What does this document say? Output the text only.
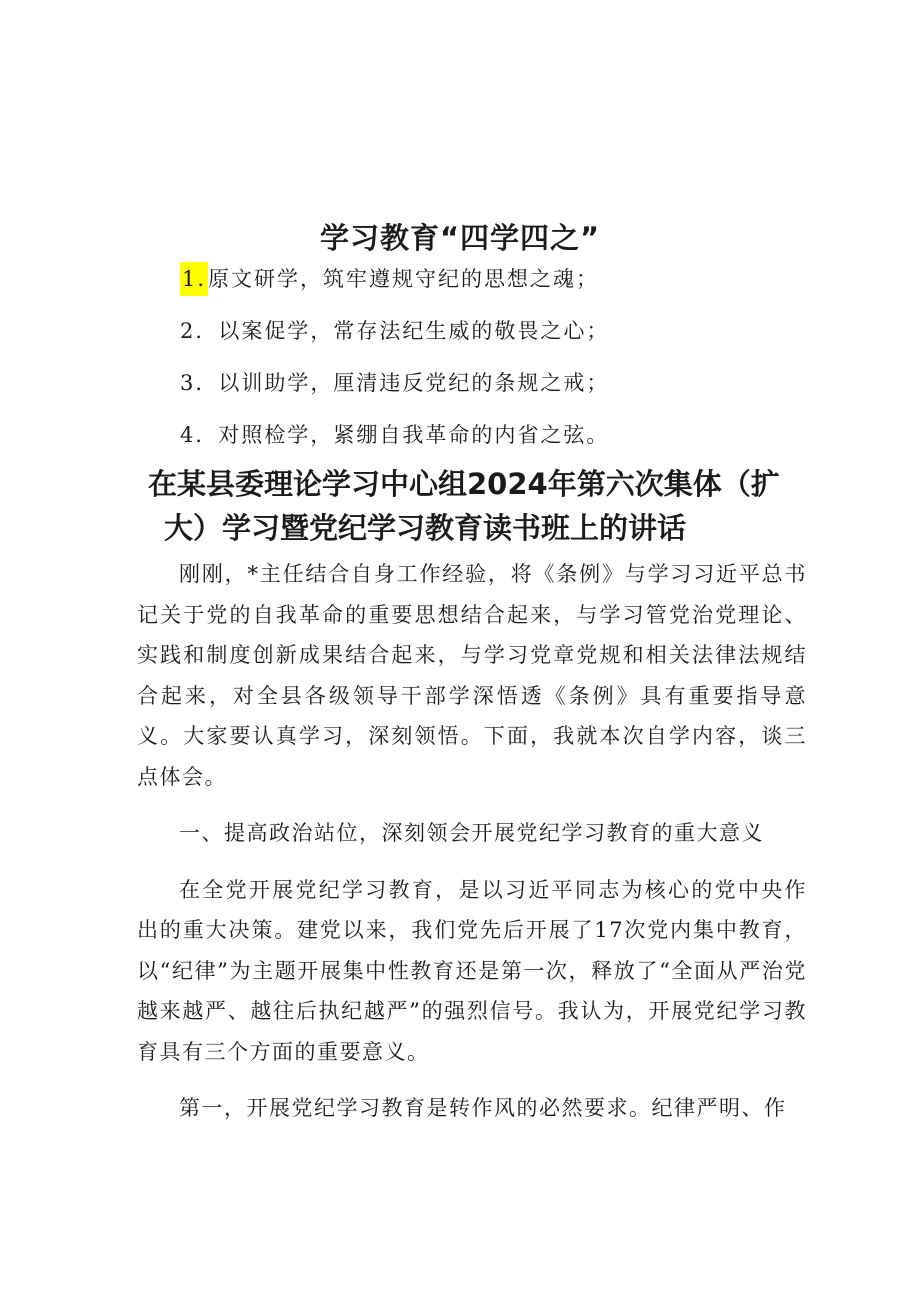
学习教育“四学四之”
1.原文研学，筑牢遵规守纪的思想之魂；
2．以案促学，常存法纪生威的敬畏之心；
3．以训助学，厘清违反党纪的条规之戒；
4．对照检学，紧绷自我革命的内省之弦。
在某县委理论学习中心组2024年第六次集体（扩
大）学习暨党纪学习教育读书班上的讲话

刚刚，*主任结合自身工作经验，将《条例》与学习习近平总书记关于党的自我革命的重要思想结合起来，与学习管党治党理论、实践和制度创新成果结合起来，与学习党章党规和相关法律法规结合起来，对全县各级领导干部学深悟透《条例》具有重要指导意义。大家要认真学习，深刻领悟。下面，我就本次自学内容，谈三点体会。

一、提高政治站位，深刻领会开展党纪学习教育的重大意义

在全党开展党纪学习教育，是以习近平同志为核心的党中央作出的重大决策。建党以来，我们党先后开展了17次党内集中教育，以“纪律”为主题开展集中性教育还是第一次，释放了“全面从严治党越来越严、越往后执纪越严”的强烈信号。我认为，开展党纪学习教育具有三个方面的重要意义。

第一，开展党纪学习教育是转作风的必然要求。纪律严明、作
